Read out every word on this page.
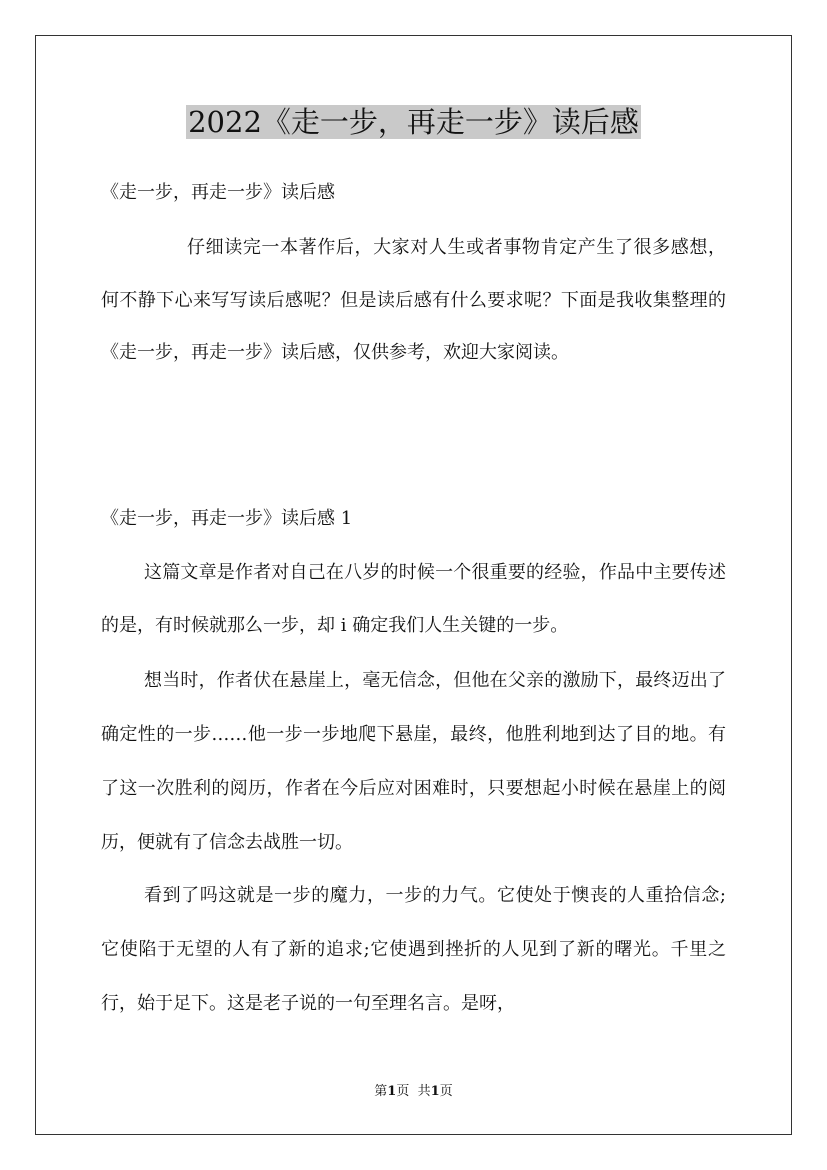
2022《走一步，再走一步》读后感

《走一步，再走一步》读后感

仔细读完一本著作后，大家对人生或者事物肯定产生了很多感想，何不静下心来写写读后感呢？但是读后感有什么要求呢？下面是我收集整理的《走一步，再走一步》读后感，仅供参考，欢迎大家阅读。

《走一步，再走一步》读后感 1

这篇文章是作者对自己在八岁的时候一个很重要的经验，作品中主要传述的是，有时候就那么一步，却 i 确定我们人生关键的一步。

想当时，作者伏在悬崖上，毫无信念，但他在父亲的激励下，最终迈出了确定性的一步……他一步一步地爬下悬崖，最终，他胜利地到达了目的地。有了这一次胜利的阅历，作者在今后应对困难时，只要想起小时候在悬崖上的阅历，便就有了信念去战胜一切。

看到了吗这就是一步的魔力，一步的力气。它使处于懊丧的人重拾信念;它使陷于无望的人有了新的追求;它使遇到挫折的人见到了新的曙光。千里之行，始于足下。这是老子说的一句至理名言。是呀，

第1页 共1页
